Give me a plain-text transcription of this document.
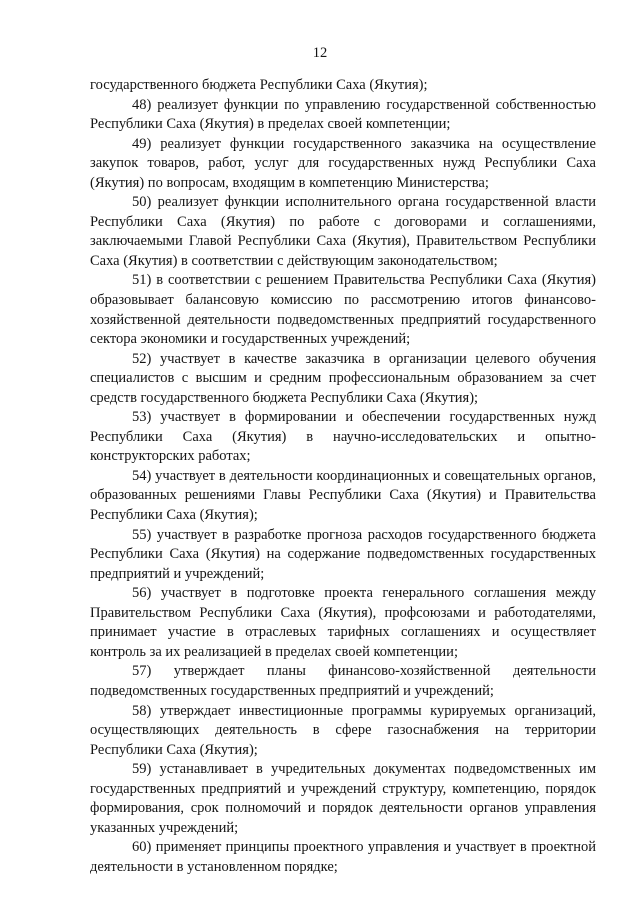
12

государственного бюджета Республики Саха (Якутия);

48) реализует функции по управлению государственной собственностью Республики Саха (Якутия) в пределах своей компетенции;

49) реализует функции государственного заказчика на осуществление закупок товаров, работ, услуг для государственных нужд Республики Саха (Якутия) по вопросам, входящим в компетенцию Министерства;

50) реализует функции исполнительного органа государственной власти Республики Саха (Якутия) по работе с договорами и соглашениями, заключаемыми Главой Республики Саха (Якутия), Правительством Республики Саха (Якутия) в соответствии с действующим законодательством;

51) в соответствии с решением Правительства Республики Саха (Якутия) образовывает балансовую комиссию по рассмотрению итогов финансово-хозяйственной деятельности подведомственных предприятий государственного сектора экономики и государственных учреждений;

52) участвует в качестве заказчика в организации целевого обучения специалистов с высшим и средним профессиональным образованием за счет средств государственного бюджета Республики Саха (Якутия);

53) участвует в формировании и обеспечении государственных нужд Республики Саха (Якутия) в научно-исследовательских и опытно-конструкторских работах;

54) участвует в деятельности координационных и совещательных органов, образованных решениями Главы Республики Саха (Якутия) и Правительства Республики Саха (Якутия);

55) участвует в разработке прогноза расходов государственного бюджета Республики Саха (Якутия) на содержание подведомственных государственных предприятий и учреждений;

56) участвует в подготовке проекта генерального соглашения между Правительством Республики Саха (Якутия), профсоюзами и работодателями, принимает участие в отраслевых тарифных соглашениях и осуществляет контроль за их реализацией в пределах своей компетенции;

57) утверждает планы финансово-хозяйственной деятельности подведомственных государственных предприятий и учреждений;

58) утверждает инвестиционные программы курируемых организаций, осуществляющих деятельность в сфере газоснабжения на территории Республики Саха (Якутия);

59) устанавливает в учредительных документах подведомственных им государственных предприятий и учреждений структуру, компетенцию, порядок формирования, срок полномочий и порядок деятельности органов управления указанных учреждений;

60) применяет принципы проектного управления и участвует в проектной деятельности в установленном порядке;
